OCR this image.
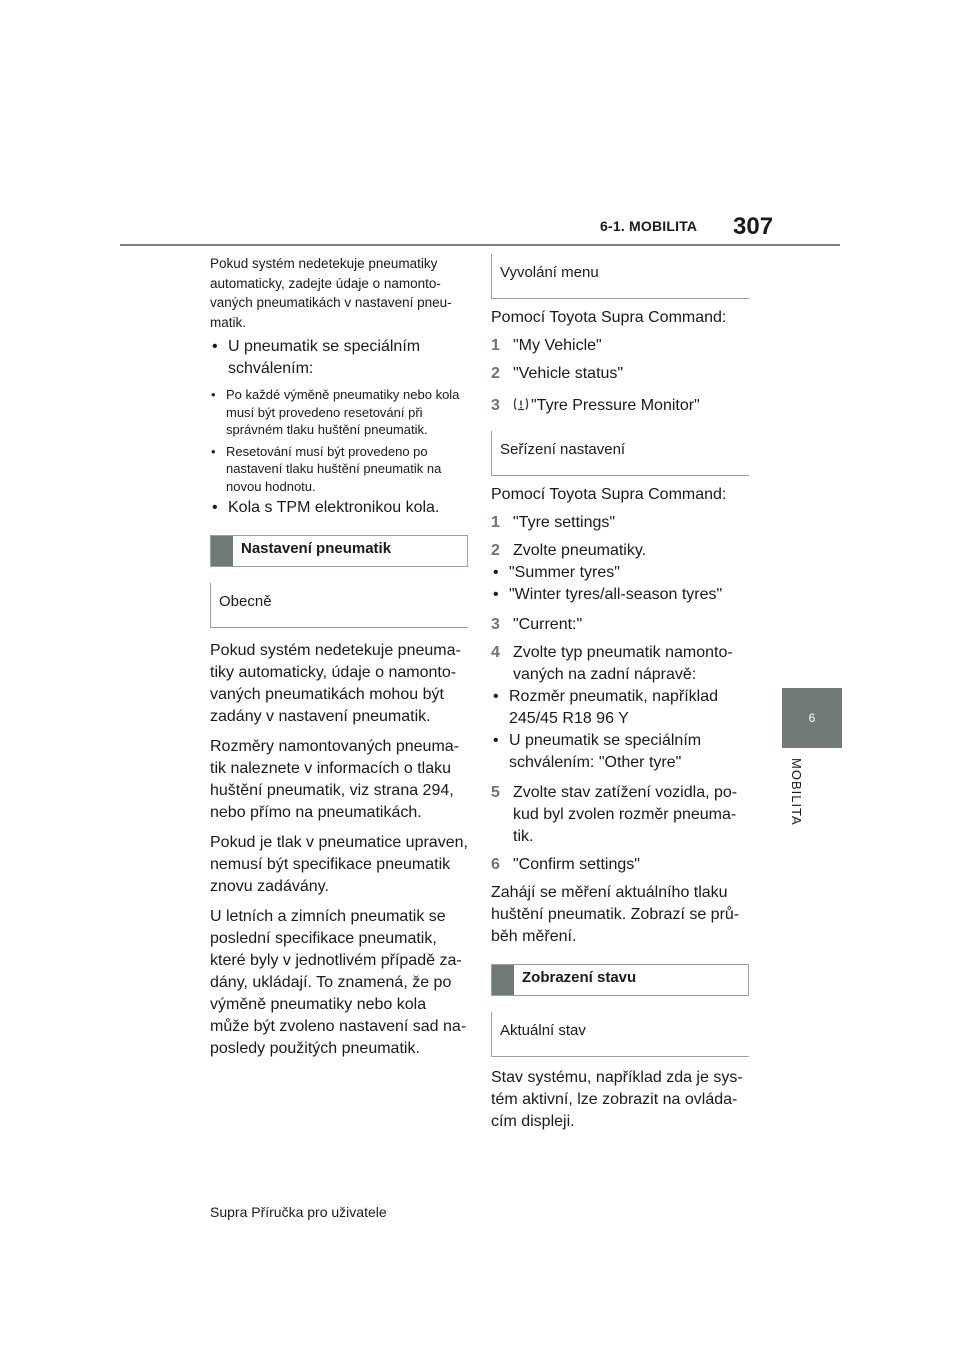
6-1. MOBILITA 307
6
MOBILITA

Pokud systém nedetekuje pneumatiky automaticky, zadejte údaje o namontovaných pneumatikách v nastavení pneumatik.

• U pneumatik se speciálním schválením:
• Po každé výměně pneumatiky nebo kola musí být provedeno resetování při správném tlaku huštění pneumatik.
• Resetování musí být provedeno po nastavení tlaku huštění pneumatik na novou hodnotu.
• Kola s TPM elektronikou kola.
Nastavení pneumatik
Obecně

Pokud systém nedetekuje pneumatiky automaticky, údaje o namontovaných pneumatikách mohou být zadány v nastavení pneumatik.

Rozměry namontovaných pneumatik naleznete v informacích o tlaku huštění pneumatik, viz strana 294, nebo přímo na pneumatikách.

Pokud je tlak v pneumatice upraven, nemusí být specifikace pneumatik znovu zadávány.

U letních a zimních pneumatik se poslední specifikace pneumatik, které byly v jednotlivém případě zadány, ukládají. To znamená, že po výměně pneumatiky nebo kola může být zvoleno nastavení sad naposledy použitých pneumatik.

Vyvolání menu

Pomocí Toyota Supra Command:

1 "My Vehicle"
2 "Vehicle status"
3 "Tyre Pressure Monitor"
Seřízení nastavení

Pomocí Toyota Supra Command:

1 "Tyre settings"
2 Zvolte pneumatiky.
• "Summer tyres"
• "Winter tyres/all-season tyres"
3 "Current:"
4 Zvolte typ pneumatik namontovaných na zadní nápravě:
• Rozměr pneumatik, například 245/45 R18 96 Y
• U pneumatik se speciálním schválením: "Other tyre"
5 Zvolte stav zatížení vozidla, pokud byl zvolen rozměr pneumatik.
6 "Confirm settings"

Zahájí se měření aktuálního tlaku huštění pneumatik. Zobrazí se průběh měření.

Zobrazení stavu
Aktuální stav

Stav systému, například zda je systém aktivní, lze zobrazit na ovládacím displeji.

Supra Příručka pro uživatele
